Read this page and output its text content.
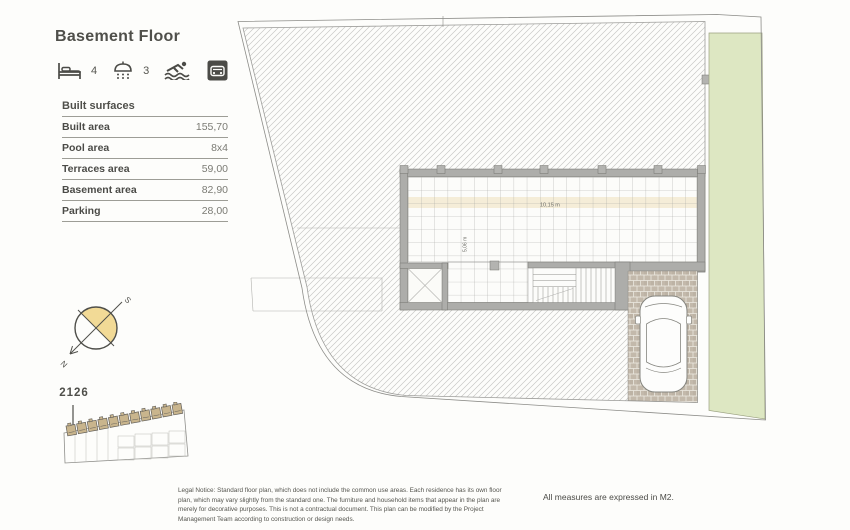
10,15 m
5,06 m
Basement Floor
4	3
Built surfaces
Built area	155,70
Pool area	8x4
Terraces area	59,00
Basement area	82,90
Parking	28,00
S
N
2126
Legal Notice: Standard floor plan, which does not include the common use areas. Each residence has its own floor plan, which may vary slightly from the standard one. The furniture and household items that appear in the plan are merely for decorative purposes. This is not a contractual document. This plan can be modified by the Project Management Team according to construction or design needs.
All measures are expressed in M2.
